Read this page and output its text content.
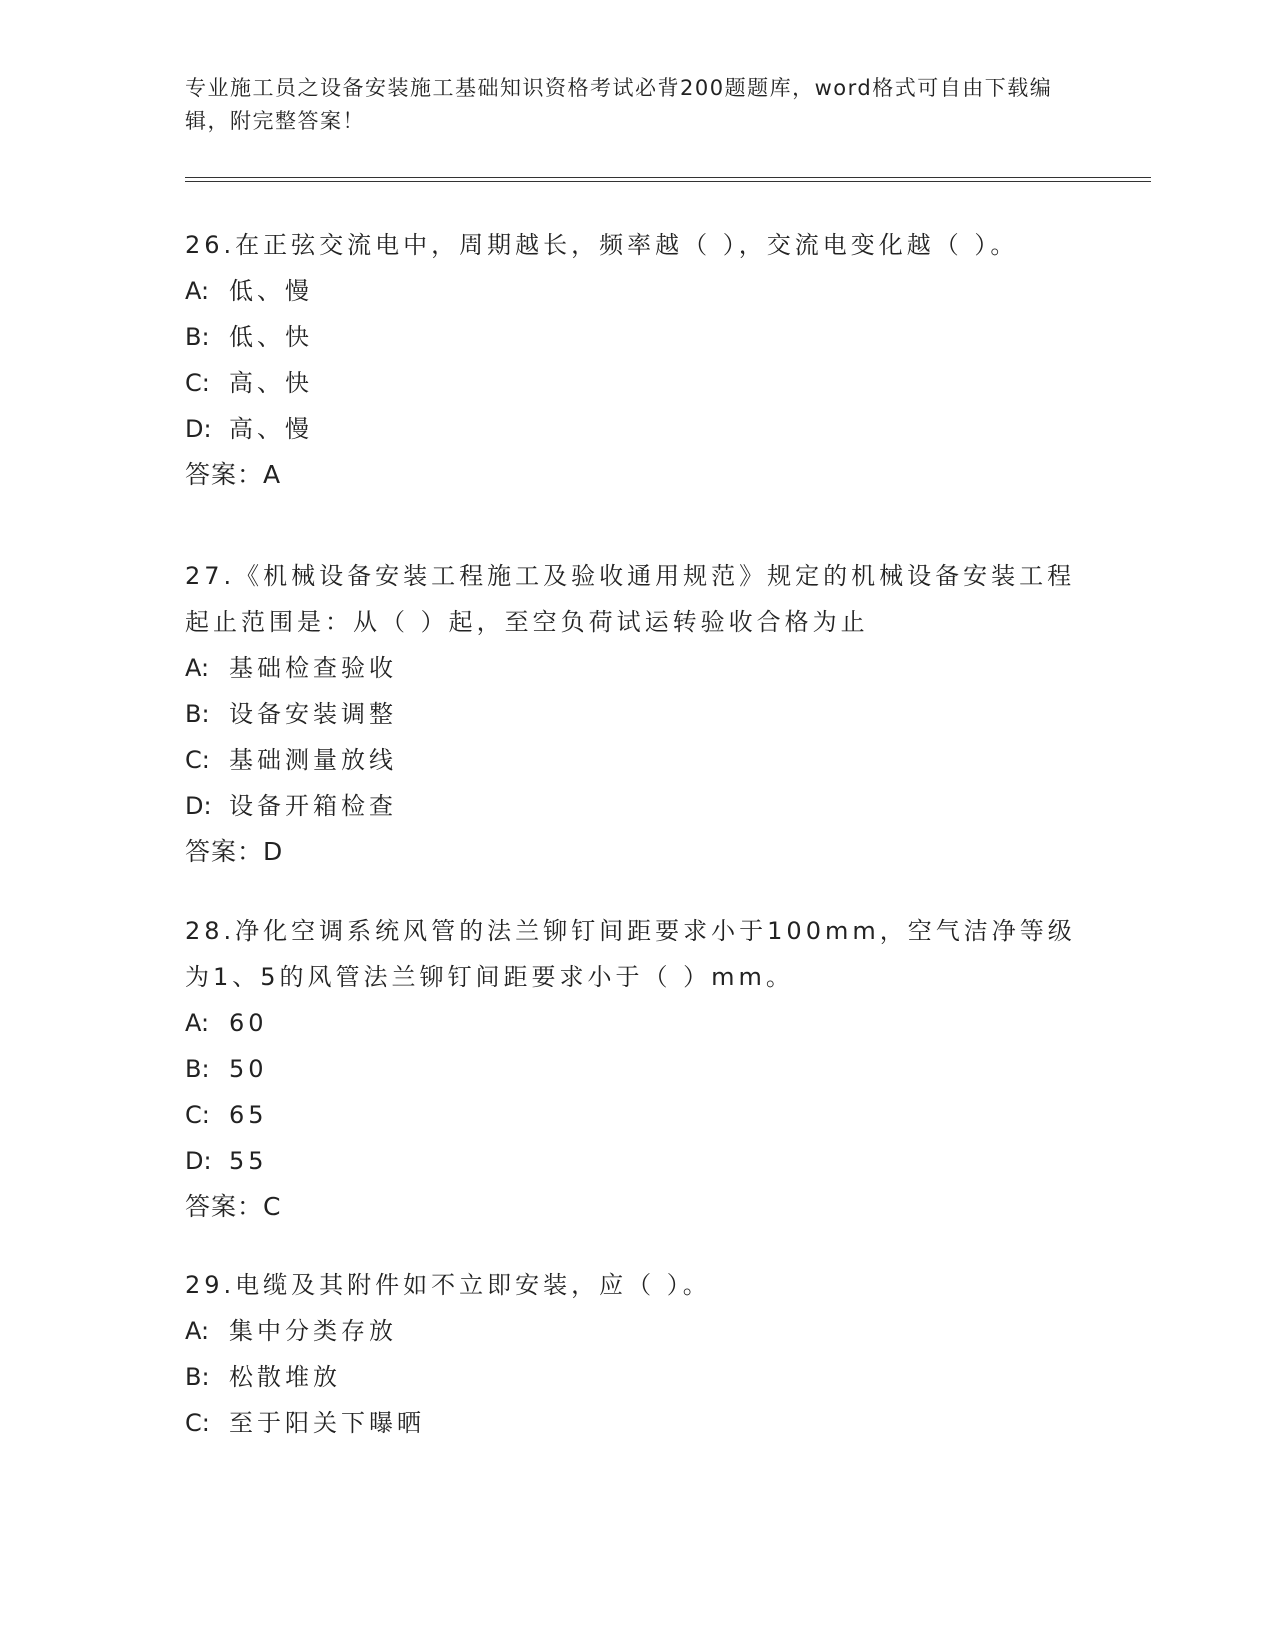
专业施工员之设备安装施工基础知识资格考试必背200题题库，word格式可自由下载编辑，附完整答案！

26.在正弦交流电中，周期越长，频率越（ ），交流电变化越（ ）。

A: 低、慢

B: 低、快

C: 高、快

D: 高、慢

答案：A

27.《机械设备安装工程施工及验收通用规范》规定的机械设备安装工程起止范围是：从（ ）起，至空负荷试运转验收合格为止

A: 基础检查验收

B: 设备安装调整

C: 基础测量放线

D: 设备开箱检查

答案：D

28.净化空调系统风管的法兰铆钉间距要求小于100mm，空气洁净等级为1、5的风管法兰铆钉间距要求小于（ ）mm。

A: 60

B: 50

C: 65

D: 55

答案：C

29.电缆及其附件如不立即安装，应（ ）。

A: 集中分类存放

B: 松散堆放

C: 至于阳关下曝晒
